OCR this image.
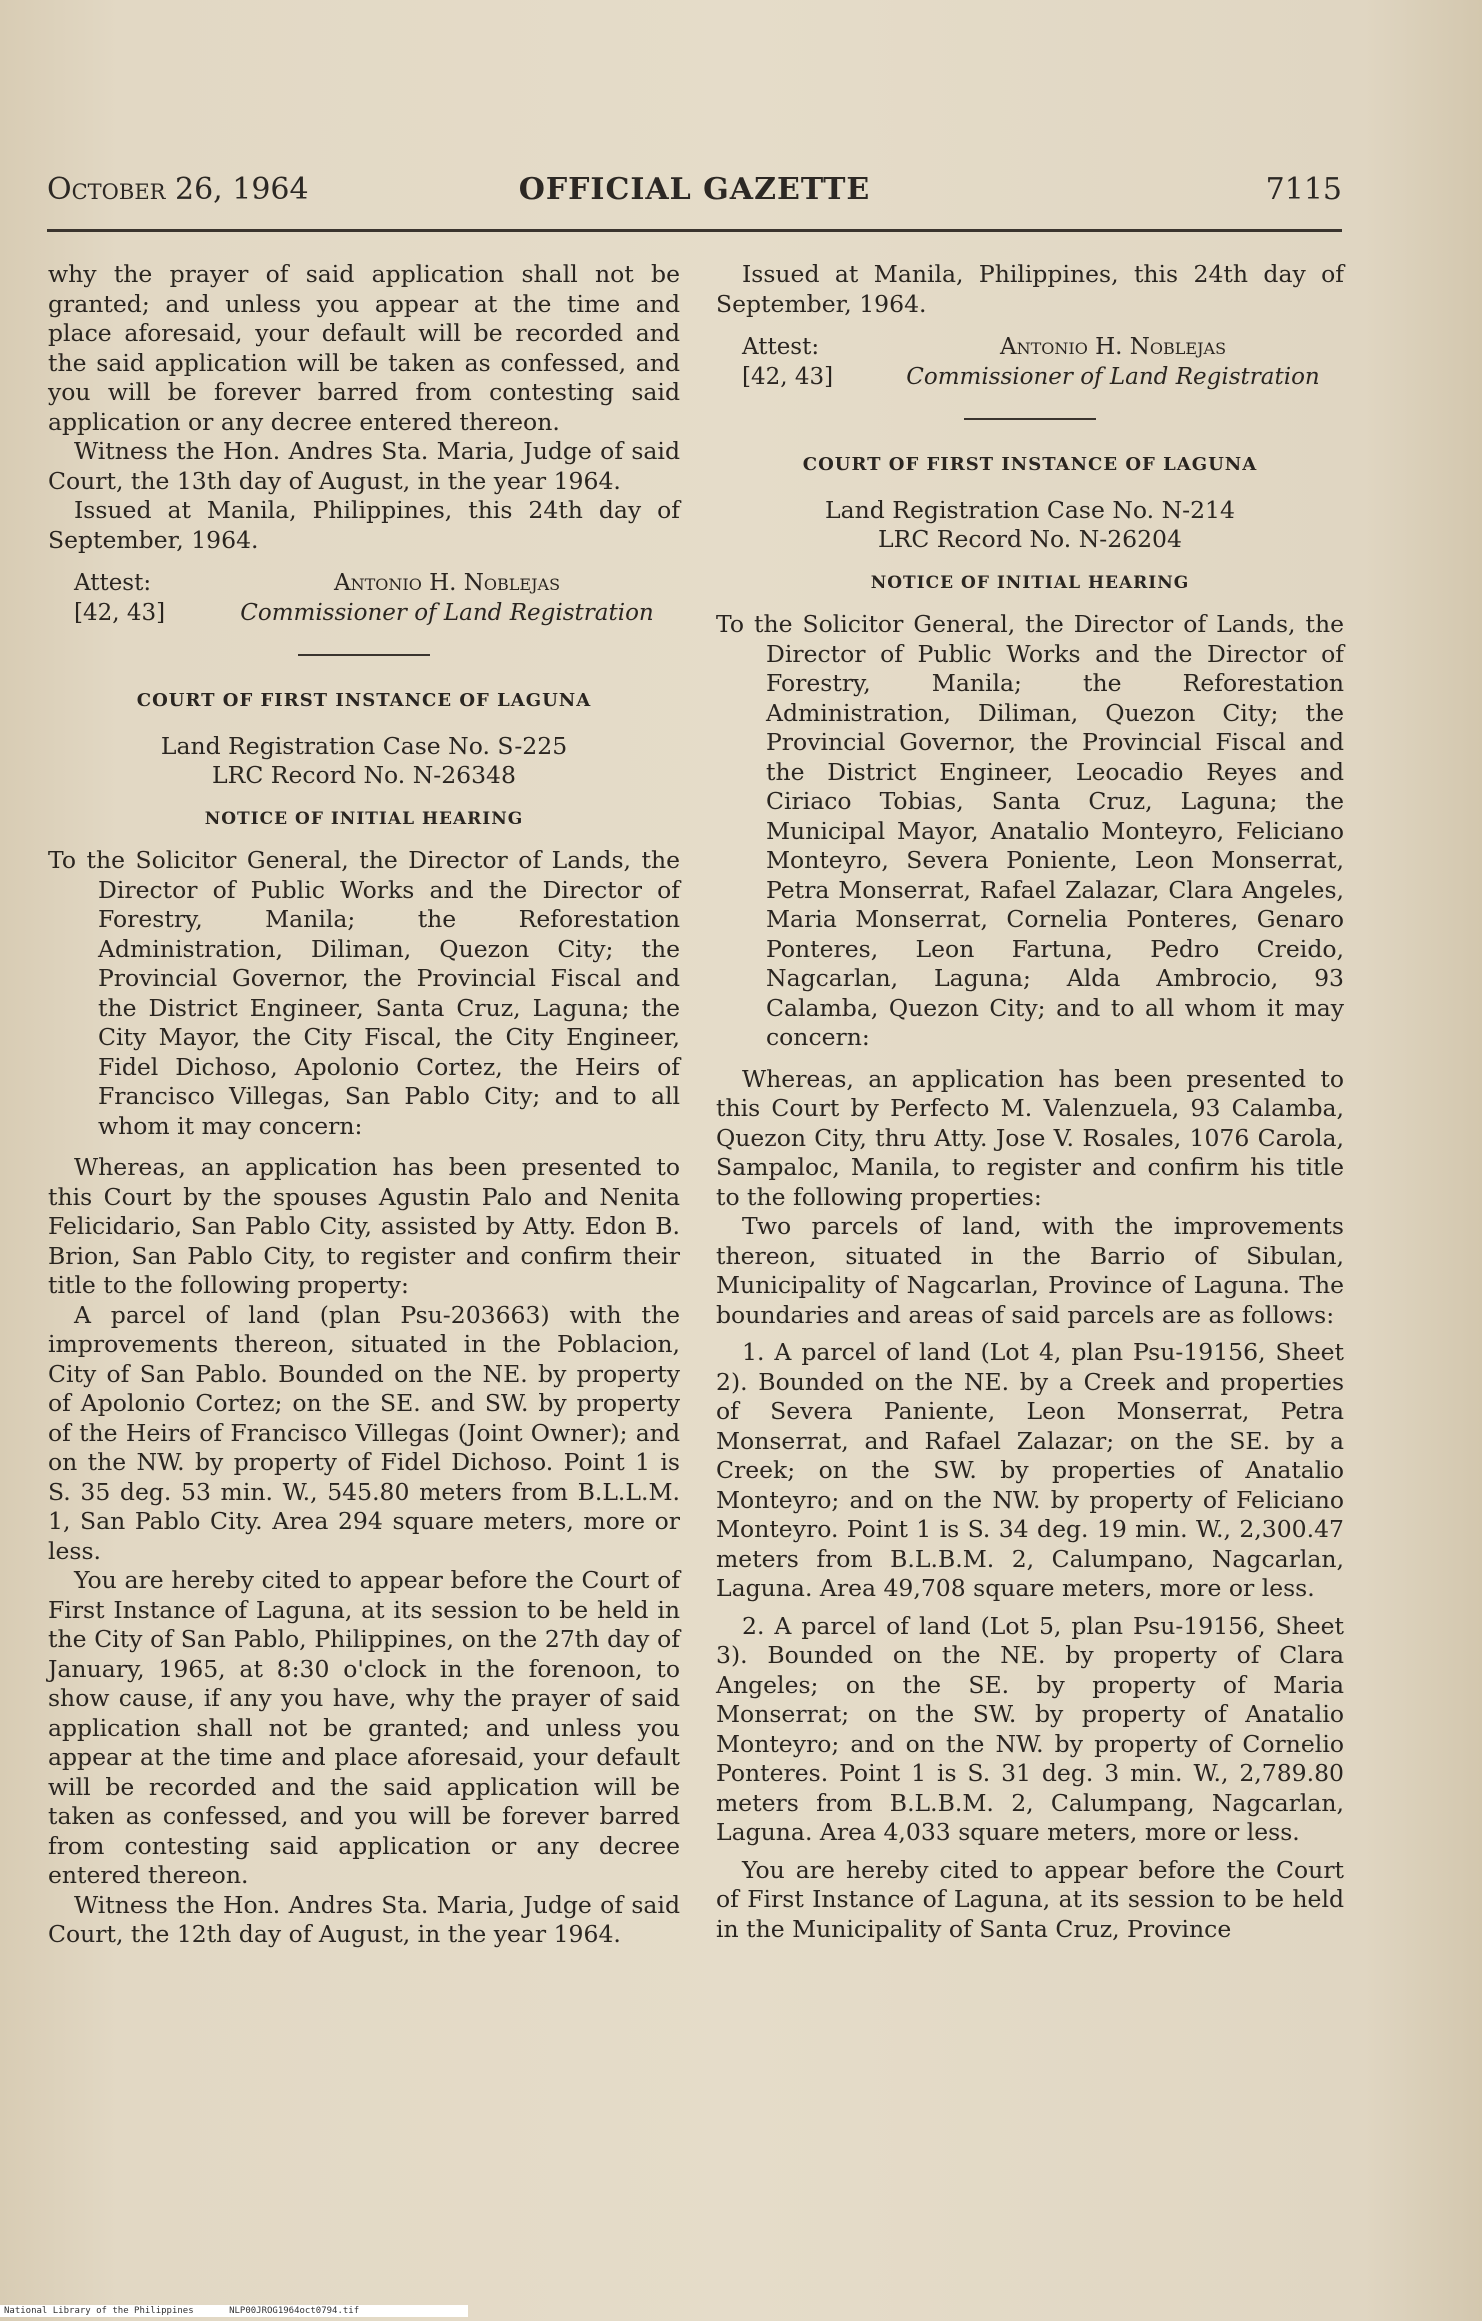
OFFICIAL GAZETTE
October 26, 1964	7115

why the prayer of said application shall not be granted; and unless you appear at the time and place aforesaid, your default will be recorded and the said application will be taken as confessed, and you will be forever barred from contesting said application or any decree entered thereon.

Witness the Hon. Andres Sta. Maria, Judge of said Court, the 13th day of August, in the year 1964.

Issued at Manila, Philippines, this 24th day of September, 1964.

Attest:	Antonio H. Noblejas
[42, 43]	Commissioner of Land Registration
COURT OF FIRST INSTANCE OF LAGUNA
Land Registration Case No. S-225
LRC Record No. N-26348
NOTICE OF INITIAL HEARING
To the Solicitor General, the Director of Lands, the Director of Public Works and the Director of Forestry, Manila; the Reforestation Administration, Diliman, Quezon City; the Provincial Governor, the Provincial Fiscal and the District Engineer, Santa Cruz, Laguna; the City Mayor, the City Fiscal, the City Engineer, Fidel Dichoso, Apolonio Cortez, the Heirs of Francisco Villegas, San Pablo City; and to all whom it may concern:

Whereas, an application has been presented to this Court by the spouses Agustin Palo and Nenita Felicidario, San Pablo City, assisted by Atty. Edon B. Brion, San Pablo City, to register and confirm their title to the following property:

A parcel of land (plan Psu-203663) with the improvements thereon, situated in the Poblacion, City of San Pablo. Bounded on the NE. by property of Apolonio Cortez; on the SE. and SW. by property of the Heirs of Francisco Villegas (Joint Owner); and on the NW. by property of Fidel Dichoso. Point 1 is S. 35 deg. 53 min. W., 545.80 meters from B.L.L.M. 1, San Pablo City. Area 294 square meters, more or less.

You are hereby cited to appear before the Court of First Instance of Laguna, at its session to be held in the City of San Pablo, Philippines, on the 27th day of January, 1965, at 8:30 o'clock in the forenoon, to show cause, if any you have, why the prayer of said application shall not be granted; and unless you appear at the time and place aforesaid, your default will be recorded and the said application will be taken as confessed, and you will be forever barred from contesting said application or any decree entered thereon.

Witness the Hon. Andres Sta. Maria, Judge of said Court, the 12th day of August, in the year 1964.

Issued at Manila, Philippines, this 24th day of September, 1964.

Attest:	Antonio H. Noblejas
[42, 43]	Commissioner of Land Registration
COURT OF FIRST INSTANCE OF LAGUNA
Land Registration Case No. N-214
LRC Record No. N-26204
NOTICE OF INITIAL HEARING
To the Solicitor General, the Director of Lands, the Director of Public Works and the Director of Forestry, Manila; the Reforestation Administration, Diliman, Quezon City; the Provincial Governor, the Provincial Fiscal and the District Engineer, Leocadio Reyes and Ciriaco Tobias, Santa Cruz, Laguna; the Municipal Mayor, Anatalio Monteyro, Feliciano Monteyro, Severa Poniente, Leon Monserrat, Petra Monserrat, Rafael Zalazar, Clara Angeles, Maria Monserrat, Cornelia Ponteres, Genaro Ponteres, Leon Fartuna, Pedro Creido, Nagcarlan, Laguna; Alda Ambrocio, 93 Calamba, Quezon City; and to all whom it may concern:

Whereas, an application has been presented to this Court by Perfecto M. Valenzuela, 93 Calamba, Quezon City, thru Atty. Jose V. Rosales, 1076 Carola, Sampaloc, Manila, to register and confirm his title to the following properties:

Two parcels of land, with the improvements thereon, situated in the Barrio of Sibulan, Municipality of Nagcarlan, Province of Laguna. The boundaries and areas of said parcels are as follows:

1. A parcel of land (Lot 4, plan Psu-19156, Sheet 2). Bounded on the NE. by a Creek and properties of Severa Paniente, Leon Monserrat, Petra Monserrat, and Rafael Zalazar; on the SE. by a Creek; on the SW. by properties of Anatalio Monteyro; and on the NW. by property of Feliciano Monteyro. Point 1 is S. 34 deg. 19 min. W., 2,300.47 meters from B.L.B.M. 2, Calumpano, Nagcarlan, Laguna. Area 49,708 square meters, more or less.

2. A parcel of land (Lot 5, plan Psu-19156, Sheet 3). Bounded on the NE. by property of Clara Angeles; on the SE. by property of Maria Monserrat; on the SW. by property of Anatalio Monteyro; and on the NW. by property of Cornelio Ponteres. Point 1 is S. 31 deg. 3 min. W., 2,789.80 meters from B.L.B.M. 2, Calumpang, Nagcarlan, Laguna. Area 4,033 square meters, more or less.

You are hereby cited to appear before the Court of First Instance of Laguna, at its session to be held in the Municipality of Santa Cruz, Province

National Library of the Philippines	NLP00JROG1964oct0794.tif
